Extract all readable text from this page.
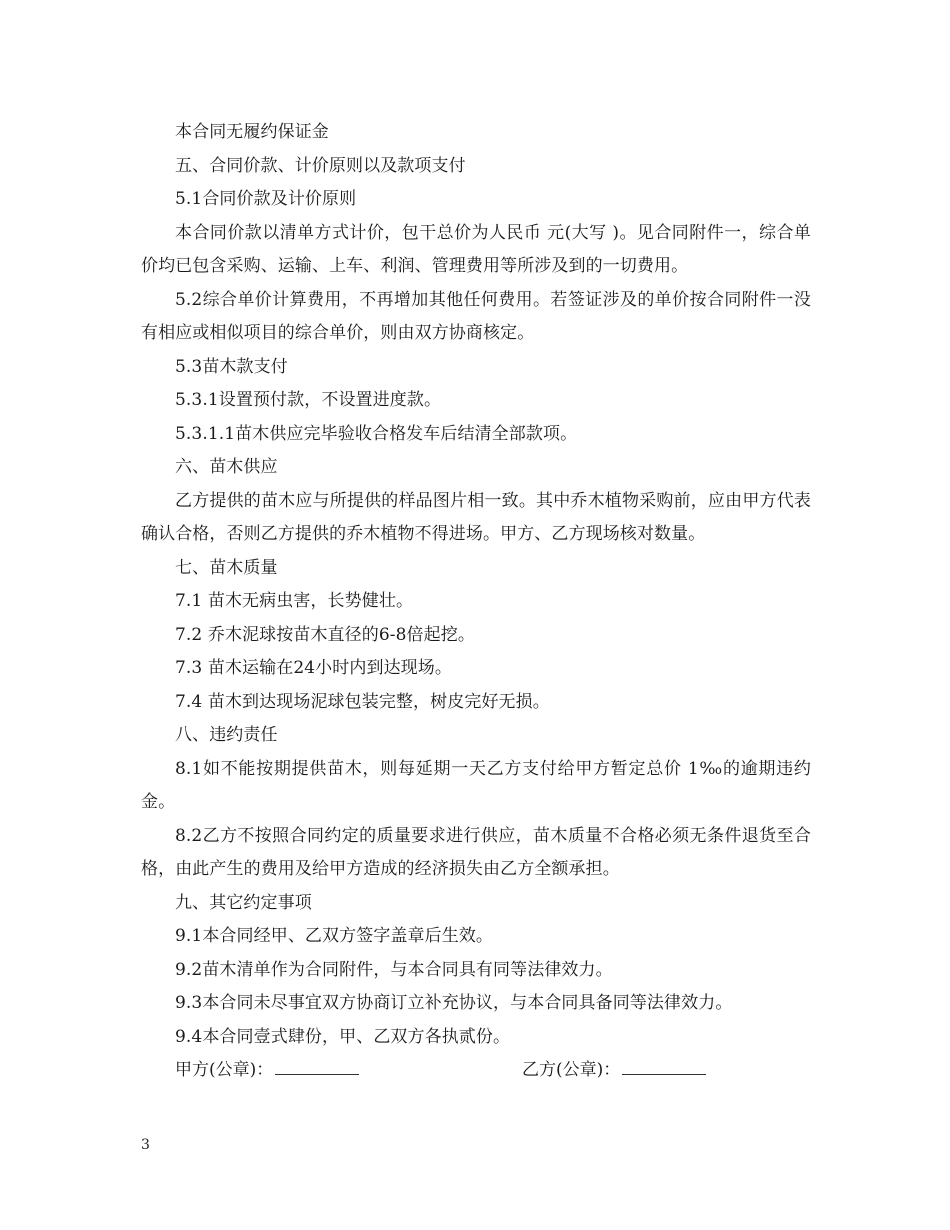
本合同无履约保证金

五、合同价款、计价原则以及款项支付

5.1合同价款及计价原则

本合同价款以清单方式计价，包干总价为人民币 元(大写 )。见合同附件一，综合单价均已包含采购、运输、上车、利润、管理费用等所涉及到的一切费用。

5.2综合单价计算费用，不再增加其他任何费用。若签证涉及的单价按合同附件一没有相应或相似项目的综合单价，则由双方协商核定。

5.3苗木款支付

5.3.1设置预付款，不设置进度款。

5.3.1.1苗木供应完毕验收合格发车后结清全部款项。

六、苗木供应

乙方提供的苗木应与所提供的样品图片相一致。其中乔木植物采购前，应由甲方代表确认合格，否则乙方提供的乔木植物不得进场。甲方、乙方现场核对数量。

七、苗木质量

7.1 苗木无病虫害，长势健壮。

7.2 乔木泥球按苗木直径的6-8倍起挖。

7.3 苗木运输在24小时内到达现场。

7.4 苗木到达现场泥球包装完整，树皮完好无损。

八、违约责任

8.1如不能按期提供苗木，则每延期一天乙方支付给甲方暂定总价 1‰的逾期违约金。

8.2乙方不按照合同约定的质量要求进行供应，苗木质量不合格必须无条件退货至合格，由此产生的费用及给甲方造成的经济损失由乙方全额承担。

九、其它约定事项

9.1本合同经甲、乙双方签字盖章后生效。

9.2苗木清单作为合同附件，与本合同具有同等法律效力。

9.3本合同未尽事宜双方协商订立补充协议，与本合同具备同等法律效力。

9.4本合同壹式肆份，甲、乙双方各执贰份。

甲方(公章)：	乙方(公章)：
3
